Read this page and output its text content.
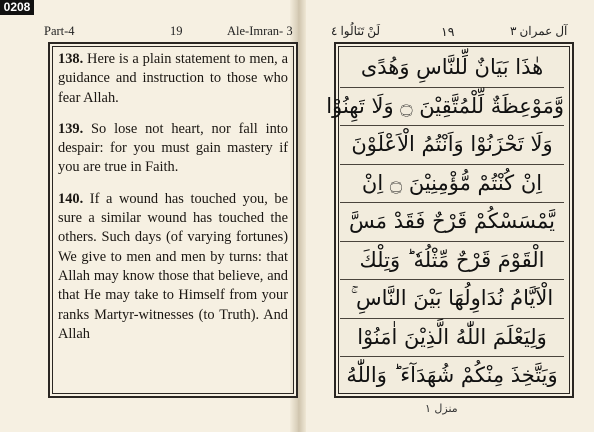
0208
Part-4	19	Ale-Imran- 3	لَنْ تَنَالُوا ٤	١٩	آل عمران ٣

138. Here is a plain statement to men, a guidance and instruction to those who fear Allah.

139. So lose not heart, nor fall into despair: for you must gain mastery if you are true in Faith.

140. If a wound has touched you, be sure a similar wound has touched the others. Such days (of varying fortunes) We give to men and men by turns: that Allah may know those that believe, and that He may take to Himself from your ranks Martyr-witnesses (to Truth). And Allah

هٰذَا بَيَانٌ لِّلنَّاسِ وَهُدًى
وَّمَوْعِظَةٌ لِّلْمُتَّقِيْنَ ۝ وَلَا تَهِنُوْا
وَلَا تَحْزَنُوْا وَاَنْتُمُ الْاَعْلَوْنَ
اِنْ كُنْتُمْ مُّؤْمِنِيْنَ ۝ اِنْ
يَّمْسَسْكُمْ قَرْحٌ فَقَدْ مَسَّ
الْقَوْمَ قَرْحٌ مِّثْلُهٗ ؕ وَتِلْكَ
الْاَيَّامُ نُدَاوِلُهَا بَيْنَ النَّاسِ ۚ
وَلِيَعْلَمَ اللّٰهُ الَّذِيْنَ اٰمَنُوْا
وَيَتَّخِذَ مِنْكُمْ شُهَدَآءَ ؕ وَاللّٰهُ
منزل ١
